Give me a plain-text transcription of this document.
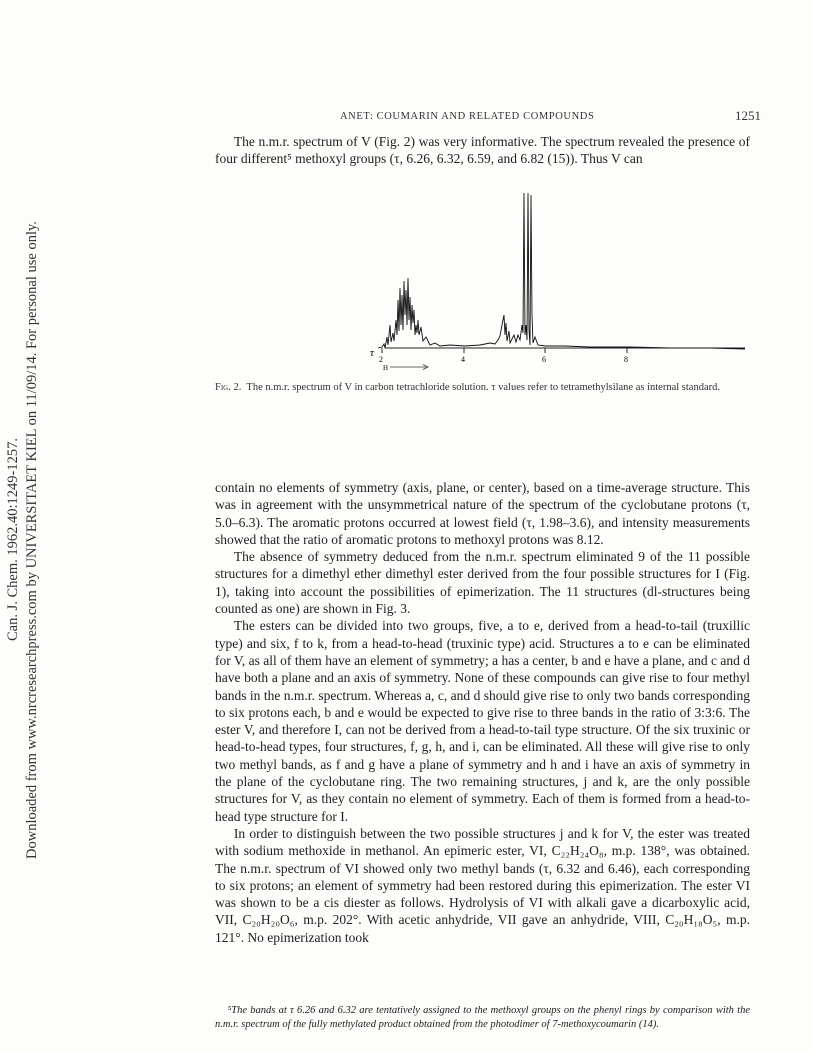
Can. J. Chem. 1962.40:1249-1257. Downloaded from www.nrcresearchpress.com by UNIVERSITAET KIEL on 11/09/14. For personal use only.
ANET: COUMARIN AND RELATED COMPOUNDS	1251

The n.m.r. spectrum of V (Fig. 2) was very informative. The spectrum revealed the presence of four different⁵ methoxyl groups (τ, 6.26, 6.32, 6.59, and 6.82 (15)). Thus V can

2	4	6	8
τ
H
Fig. 2. The n.m.r. spectrum of V in carbon tetrachloride solution. τ values refer to tetramethylsilane as internal standard.

contain no elements of symmetry (axis, plane, or center), based on a time-average structure. This was in agreement with the unsymmetrical nature of the spectrum of the cyclobutane protons (τ, 5.0–6.3). The aromatic protons occurred at lowest field (τ, 1.98–3.6), and intensity measurements showed that the ratio of aromatic protons to methoxyl protons was 8.12.

The absence of symmetry deduced from the n.m.r. spectrum eliminated 9 of the 11 possible structures for a dimethyl ether dimethyl ester derived from the four possible structures for I (Fig. 1), taking into account the possibilities of epimerization. The 11 structures (dl-structures being counted as one) are shown in Fig. 3.

The esters can be divided into two groups, five, a to e, derived from a head-to-tail (truxillic type) and six, f to k, from a head-to-head (truxinic type) acid. Structures a to e can be eliminated for V, as all of them have an element of symmetry; a has a center, b and e have a plane, and c and d have both a plane and an axis of symmetry. None of these compounds can give rise to four methyl bands in the n.m.r. spectrum. Whereas a, c, and d should give rise to only two bands corresponding to six protons each, b and e would be expected to give rise to three bands in the ratio of 3:3:6. The ester V, and therefore I, can not be derived from a head-to-tail type structure. Of the six truxinic or head-to-head types, four structures, f, g, h, and i, can be eliminated. All these will give rise to only two methyl bands, as f and g have a plane of symmetry and h and i have an axis of symmetry in the plane of the cyclobutane ring. The two remaining structures, j and k, are the only possible structures for V, as they contain no element of symmetry. Each of them is formed from a head-to-head type structure for I.

In order to distinguish between the two possible structures j and k for V, the ester was treated with sodium methoxide in methanol. An epimeric ester, VI, C₂₂H₂₄O₈, m.p. 138°, was obtained. The n.m.r. spectrum of VI showed only two methyl bands (τ, 6.32 and 6.46), each corresponding to six protons; an element of symmetry had been restored during this epimerization. The ester VI was shown to be a cis diester as follows. Hydrolysis of VI with alkali gave a dicarboxylic acid, VII, C₂₀H₂₀O₆, m.p. 202°. With acetic anhydride, VII gave an anhydride, VIII, C₂₀H₁₈O₅, m.p. 121°. No epimerization took

⁵The bands at τ 6.26 and 6.32 are tentatively assigned to the methoxyl groups on the phenyl rings by comparison with the n.m.r. spectrum of the fully methylated product obtained from the photodimer of 7-methoxycoumarin (14).
